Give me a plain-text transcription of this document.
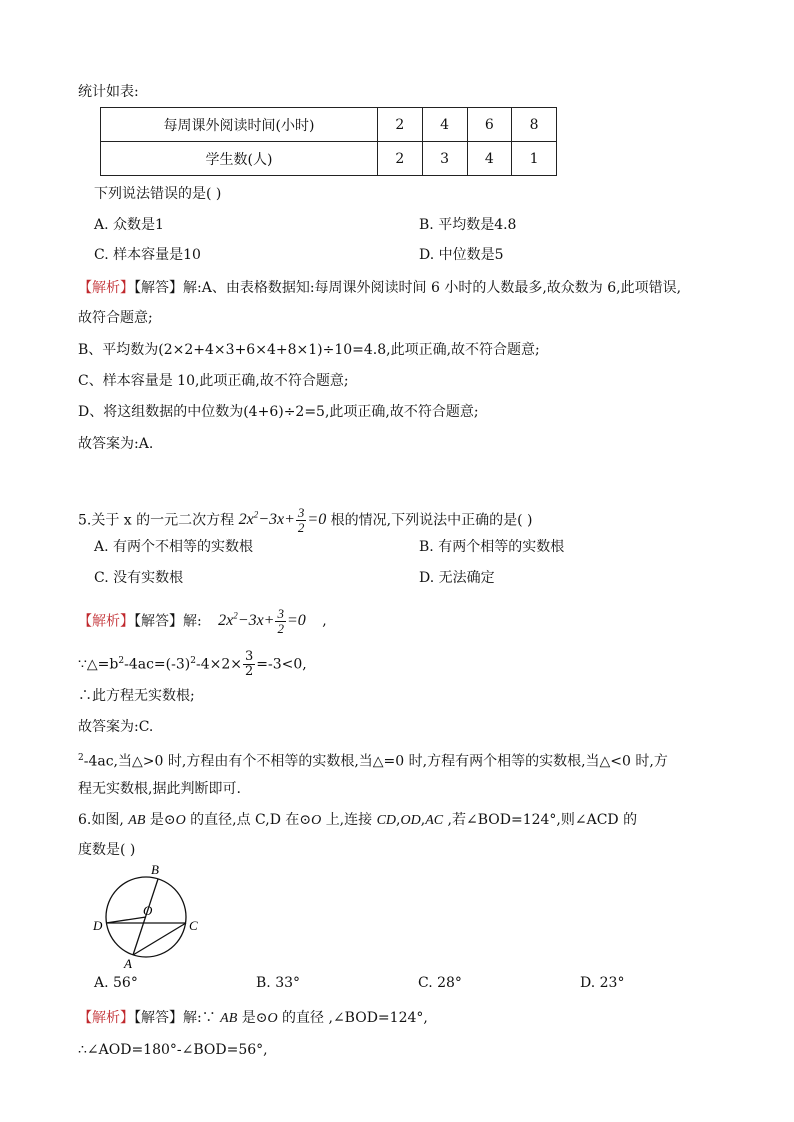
统计如表:
每周课外阅读时间(小时)	2	4	6	8
学生数(人)	2	3	4	1
下列说法错误的是( )
A. 众数是1	B. 平均数是4.8
C. 样本容量是10	D. 中位数是5
【解析】【解答】解:A、由表格数据知:每周课外阅读时间 6 小时的人数最多,故众数为 6,此项错误,
故符合题意;
B、平均数为(2×2+4×3+6×4+8×1)÷10=4.8,此项正确,故不符合题意;
C、样本容量是 10,此项正确,故不符合题意;
D、将这组数据的中位数为(4+6)÷2=5,此项正确,故不符合题意;
故答案为:A.
5.关于 x 的一元二次方程 $2x^2-3x+ \frac{3}{2} =0$ 根的情况,下列说法中正确的是( )
A. 有两个不相等的实数根	B. 有两个相等的实数根
C. 没有实数根	D. 无法确定
【解析】【解答】解: $2x^2-3x+ \frac{3}{2} =0$ ,
$\because\triangle=b^2-4ac=(-3)^2-4\times 2\times \frac{3}{2} =-3<0$,
∴此方程无实数根;
故答案为:C.
$^2$-4ac,当△>0 时,方程由有个不相等的实数根,当△=0 时,方程有两个相等的实数根,当△<0 时,方
程无实数根,据此判断即可.
6.如图, AB 是⊙O 的直径,点 C,D 在⊙O 上,连接 CD,OD,AC ,若∠BOD=124°,则∠ACD 的
度数是( )
B
O
D	C
A
A. 56°	B. 33°	C. 28°	D. 23°
【解析】【解答】解:∵ AB 是⊙O 的直径 ,∠BOD=124°,
∴∠AOD=180°-∠BOD=56°,
